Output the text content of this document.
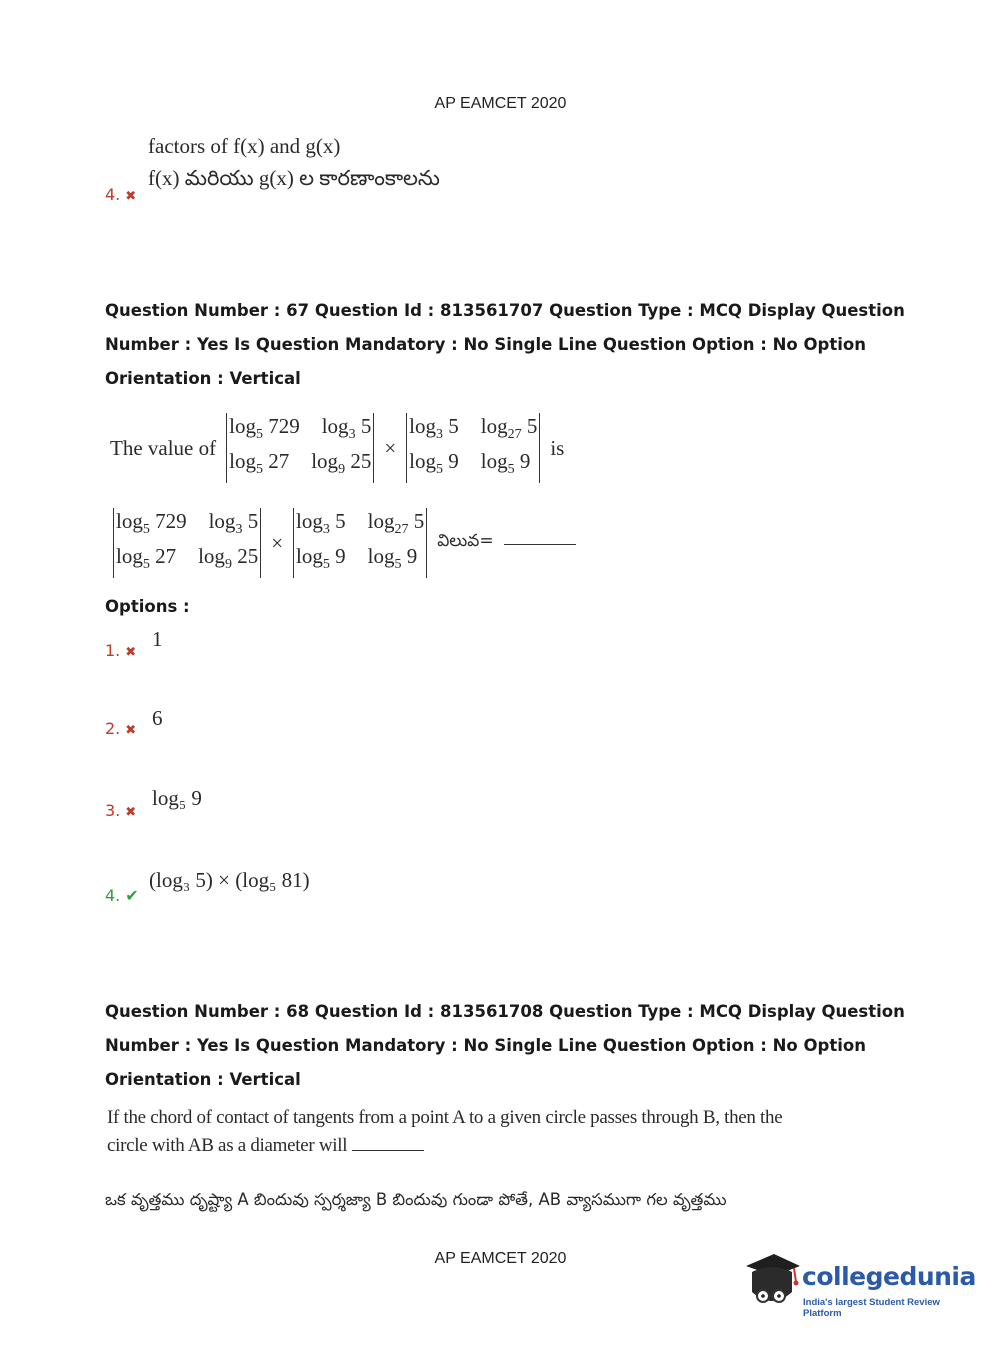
AP EAMCET 2020
factors of f(x) and g(x)
f(x) మరియు g(x) ల కారణాంకాలను
4. ✖
Question Number : 67 Question Id : 813561707 Question Type : MCQ Display Question
Number : Yes Is Question Mandatory : No Single Line Question Option : No Option
Orientation : Vertical
The value of
$\log_5 729$ $\log_3 5$
$\log_5 27$ $\log_9 25$
×
$\log_3 5$ $\log_{27} 5$
$\log_5 9$ $\log_5 9$
is
$\log_5 729$ $\log_3 5$
$\log_5 27$ $\log_9 25$
×
$\log_3 5$ $\log_{27} 5$
$\log_5 9$ $\log_5 9$
విలువ=
Options :
1
1. ✖
6
2. ✖
log₅ 9
3. ✖
(log₃ 5) × (log₅ 81)
4. ✔
Question Number : 68 Question Id : 813561708 Question Type : MCQ Display Question
Number : Yes Is Question Mandatory : No Single Line Question Option : No Option
Orientation : Vertical
If the chord of contact of tangents from a point A to a given circle passes through B, then the
circle with AB as a diameter will
ఒక వృత్తము దృష్ట్యా A బిందువు స్పర్శజ్యా B బిందువు గుండా పోతే, AB వ్యాసముగా గల వృత్తము
AP EAMCET 2020
collegedunia
India's largest Student Review Platform
